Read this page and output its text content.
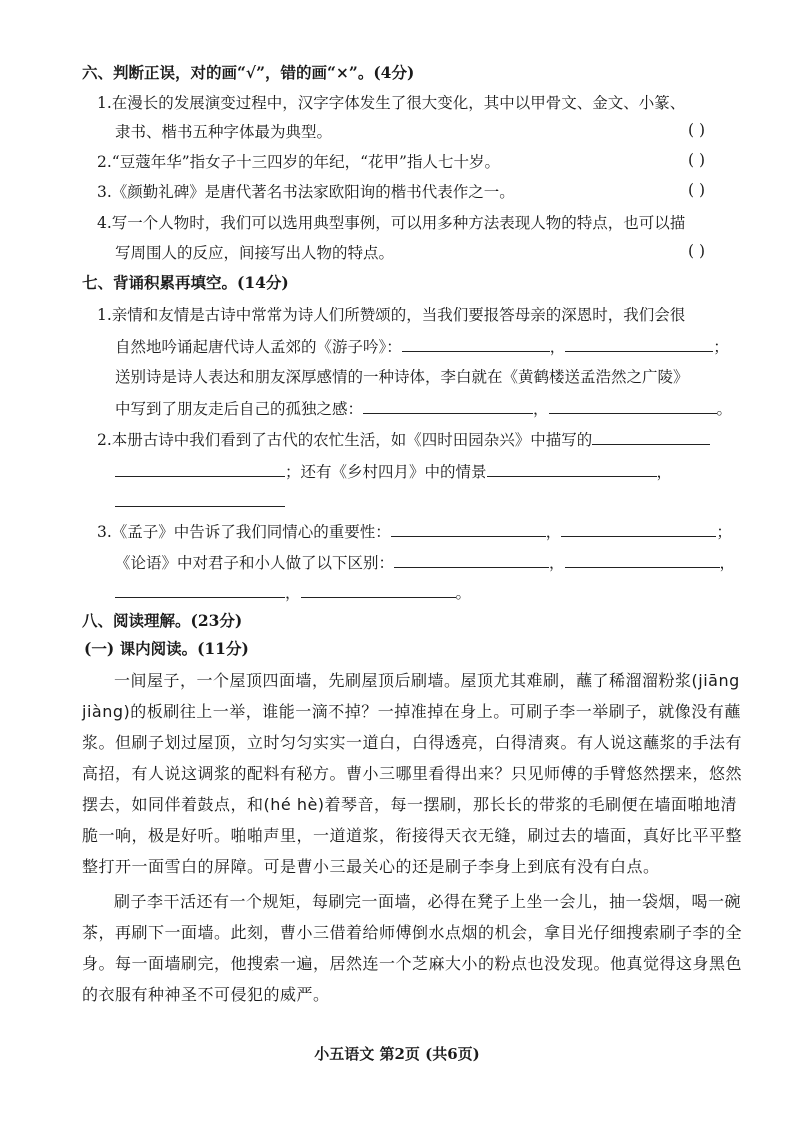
六、判断正误，对的画“√”，错的画“×”。(4分)
1.在漫长的发展演变过程中，汉字字体发生了很大变化，其中以甲骨文、金文、小篆、
隶书、楷书五种字体最为典型。	( )
2.“豆蔻年华”指女子十三四岁的年纪，“花甲”指人七十岁。	( )
3.《颜勤礼碑》是唐代著名书法家欧阳询的楷书代表作之一。	( )
4.写一个人物时，我们可以选用典型事例，可以用多种方法表现人物的特点，也可以描
写周围人的反应，间接写出人物的特点。	( )
七、背诵积累再填空。(14分)
1.亲情和友情是古诗中常常为诗人们所赞颂的，当我们要报答母亲的深恩时，我们会很
自然地吟诵起唐代诗人孟郊的《游子吟》：	，	；
送别诗是诗人表达和朋友深厚感情的一种诗体，李白就在《黄鹤楼送孟浩然之广陵》
中写到了朋友走后自己的孤独之感：	，	。
2.本册古诗中我们看到了古代的农忙生活，如《四时田园杂兴》中描写的
；还有《乡村四月》中的情景	，
3.《孟子》中告诉了我们同情心的重要性：	，	；
《论语》中对君子和小人做了以下区别：	，	，
，	。
八、阅读理解。(23分)
(一) 课内阅读。(11分)

一间屋子，一个屋顶四面墙，先刷屋顶后刷墙。屋顶尤其难刷，蘸了稀溜溜粉浆(jiāng jiàng)的板刷往上一举，谁能一滴不掉？一掉准掉在身上。可刷子李一举刷子，就像没有蘸浆。但刷子划过屋顶，立时匀匀实实一道白，白得透亮，白得清爽。有人说这蘸浆的手法有高招，有人说这调浆的配料有秘方。曹小三哪里看得出来？只见师傅的手臂悠然摆来，悠然摆去，如同伴着鼓点，和(hé hè)着琴音，每一摆刷，那长长的带浆的毛刷便在墙面啪地清脆一响，极是好听。啪啪声里，一道道浆，衔接得天衣无缝，刷过去的墙面，真好比平平整整打开一面雪白的屏障。可是曹小三最关心的还是刷子李身上到底有没有白点。

刷子李干活还有一个规矩，每刷完一面墙，必得在凳子上坐一会儿，抽一袋烟，喝一碗茶，再刷下一面墙。此刻，曹小三借着给师傅倒水点烟的机会，拿目光仔细搜索刷子李的全身。每一面墙刷完，他搜索一遍，居然连一个芝麻大小的粉点也没发现。他真觉得这身黑色的衣服有种神圣不可侵犯的威严。

小五语文 第2页 (共6页)
